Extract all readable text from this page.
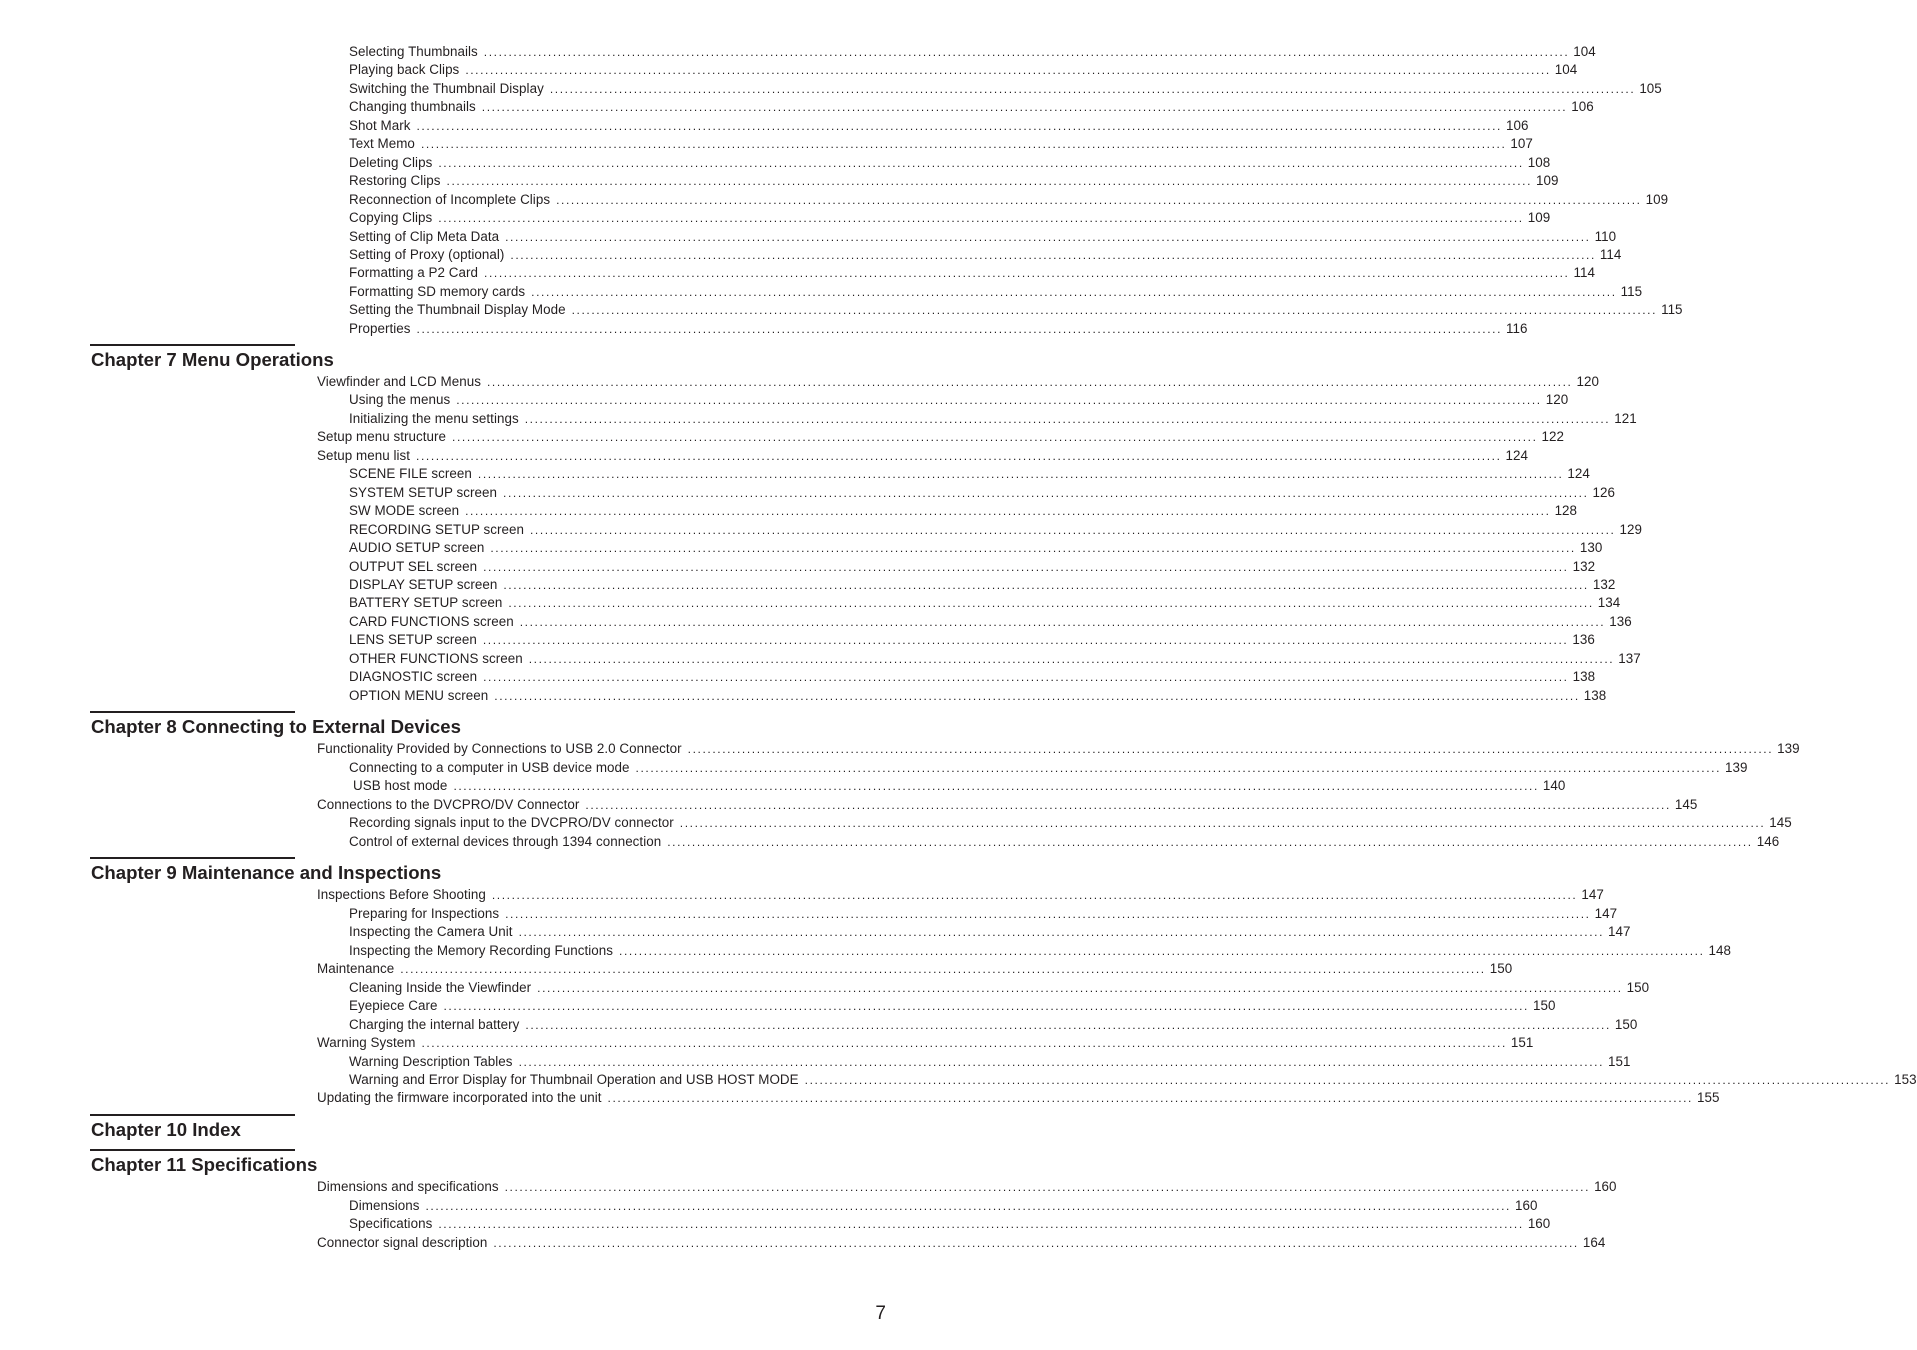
Selecting Thumbnails ............................................................................................................................................................................................................................ 104
Playing back Clips ............................................................................................................................................................................................................................ 104
Switching the Thumbnail Display ............................................................................................................................................................................................................................ 105
Changing thumbnails ............................................................................................................................................................................................................................ 106
Shot Mark ............................................................................................................................................................................................................................ 106
Text Memo ............................................................................................................................................................................................................................ 107
Deleting Clips ............................................................................................................................................................................................................................ 108
Restoring Clips ............................................................................................................................................................................................................................ 109
Reconnection of Incomplete Clips ............................................................................................................................................................................................................................ 109
Copying Clips ............................................................................................................................................................................................................................ 109
Setting of Clip Meta Data ............................................................................................................................................................................................................................ 110
Setting of Proxy (optional) ............................................................................................................................................................................................................................ 114
Formatting a P2 Card ............................................................................................................................................................................................................................ 114
Formatting SD memory cards ............................................................................................................................................................................................................................ 115
Setting the Thumbnail Display Mode ............................................................................................................................................................................................................................ 115
Properties ............................................................................................................................................................................................................................ 116
Chapter 7 Menu Operations
Viewfinder and LCD Menus ............................................................................................................................................................................................................................ 120
Using the menus ............................................................................................................................................................................................................................ 120
Initializing the menu settings ............................................................................................................................................................................................................................ 121
Setup menu structure ............................................................................................................................................................................................................................ 122
Setup menu list ............................................................................................................................................................................................................................ 124
SCENE FILE screen ............................................................................................................................................................................................................................ 124
SYSTEM SETUP screen ............................................................................................................................................................................................................................ 126
SW MODE screen ............................................................................................................................................................................................................................ 128
RECORDING SETUP screen ............................................................................................................................................................................................................................ 129
AUDIO SETUP screen ............................................................................................................................................................................................................................ 130
OUTPUT SEL screen ............................................................................................................................................................................................................................ 132
DISPLAY SETUP screen ............................................................................................................................................................................................................................ 132
BATTERY SETUP screen ............................................................................................................................................................................................................................ 134
CARD FUNCTIONS screen ............................................................................................................................................................................................................................ 136
LENS SETUP screen ............................................................................................................................................................................................................................ 136
OTHER FUNCTIONS screen ............................................................................................................................................................................................................................ 137
DIAGNOSTIC screen ............................................................................................................................................................................................................................ 138
OPTION MENU screen ............................................................................................................................................................................................................................ 138
Chapter 8 Connecting to External Devices
Functionality Provided by Connections to USB 2.0 Connector ............................................................................................................................................................................................................................ 139
Connecting to a computer in USB device mode ............................................................................................................................................................................................................................ 139
USB host mode ............................................................................................................................................................................................................................ 140
Connections to the DVCPRO/DV Connector ............................................................................................................................................................................................................................ 145
Recording signals input to the DVCPRO/DV connector ............................................................................................................................................................................................................................ 145
Control of external devices through 1394 connection ............................................................................................................................................................................................................................ 146
Chapter 9 Maintenance and Inspections
Inspections Before Shooting ............................................................................................................................................................................................................................ 147
Preparing for Inspections ............................................................................................................................................................................................................................ 147
Inspecting the Camera Unit ............................................................................................................................................................................................................................ 147
Inspecting the Memory Recording Functions ............................................................................................................................................................................................................................ 148
Maintenance ............................................................................................................................................................................................................................ 150
Cleaning Inside the Viewfinder ............................................................................................................................................................................................................................ 150
Eyepiece Care ............................................................................................................................................................................................................................ 150
Charging the internal battery ............................................................................................................................................................................................................................ 150
Warning System ............................................................................................................................................................................................................................ 151
Warning Description Tables ............................................................................................................................................................................................................................ 151
Warning and Error Display for Thumbnail Operation and USB HOST MODE ............................................................................................................................................................................................................................ 153
Updating the firmware incorporated into the unit ............................................................................................................................................................................................................................ 155
Chapter 10 Index
Chapter 11 Specifications
Dimensions and specifications ............................................................................................................................................................................................................................ 160
Dimensions ............................................................................................................................................................................................................................ 160
Specifications ............................................................................................................................................................................................................................ 160
Connector signal description ............................................................................................................................................................................................................................ 164
7
